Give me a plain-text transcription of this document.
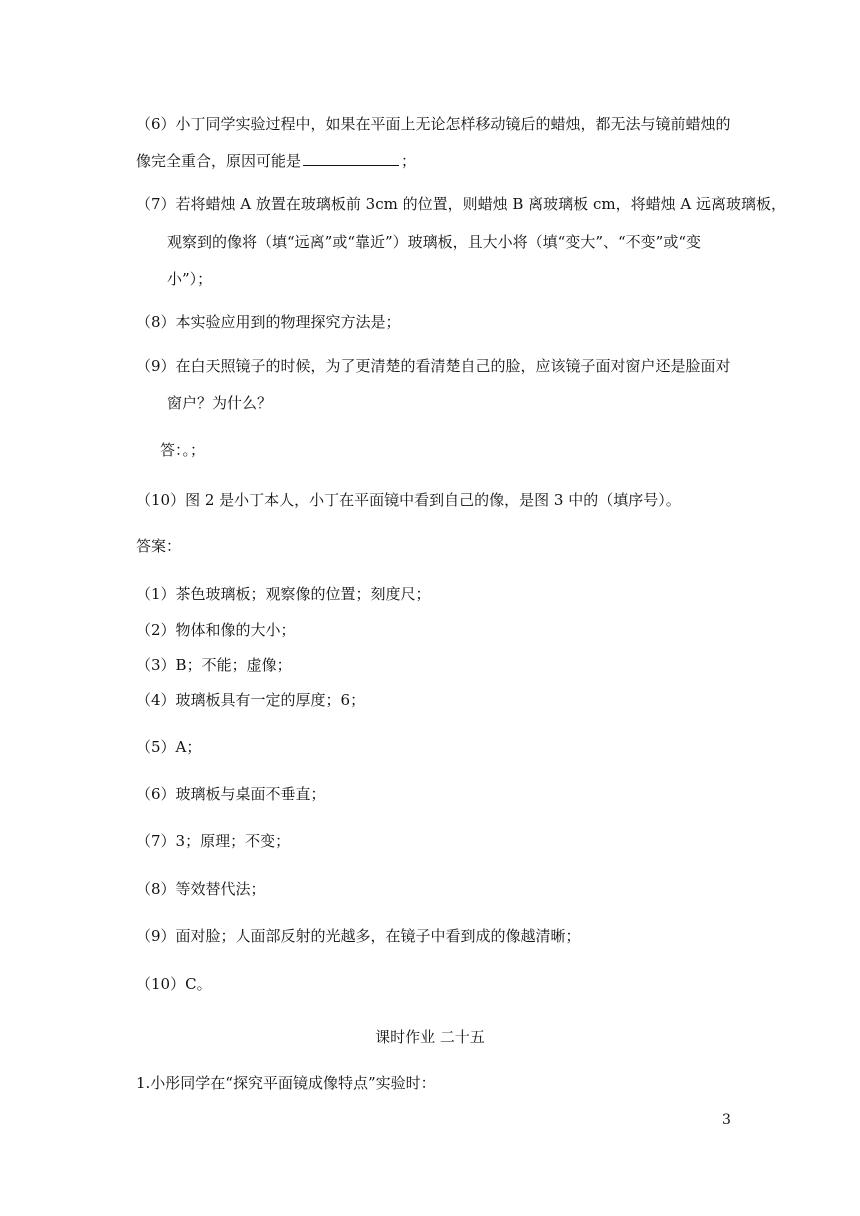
（6）小丁同学实验过程中，如果在平面上无论怎样移动镜后的蜡烛，都无法与镜前蜡烛的
像完全重合，原因可能是	；
（7）若将蜡烛 A 放置在玻璃板前 3cm 的位置，则蜡烛 B 离玻璃板 cm，将蜡烛 A 远离玻璃板，
观察到的像将（填“远离”或“靠近”）玻璃板，且大小将（填“变大”、“不变”或“变
小”）；
（8）本实验应用到的物理探究方法是；
（9）在白天照镜子的时候，为了更清楚的看清楚自己的脸，应该镜子面对窗户还是脸面对
窗户？为什么？
答：。；
（10）图 2 是小丁本人，小丁在平面镜中看到自己的像，是图 3 中的（填序号）。
答案：
（1）茶色玻璃板；观察像的位置；刻度尺；
（2）物体和像的大小；
（3）B；不能；虚像；
（4）玻璃板具有一定的厚度；6；
（5）A；
（6）玻璃板与桌面不垂直；
（7）3；原理；不变；
（8）等效替代法；
（9）面对脸；人面部反射的光越多，在镜子中看到成的像越清晰；
（10）C。
课时作业 二十五
1.小彤同学在“探究平面镜成像特点”实验时：
3
